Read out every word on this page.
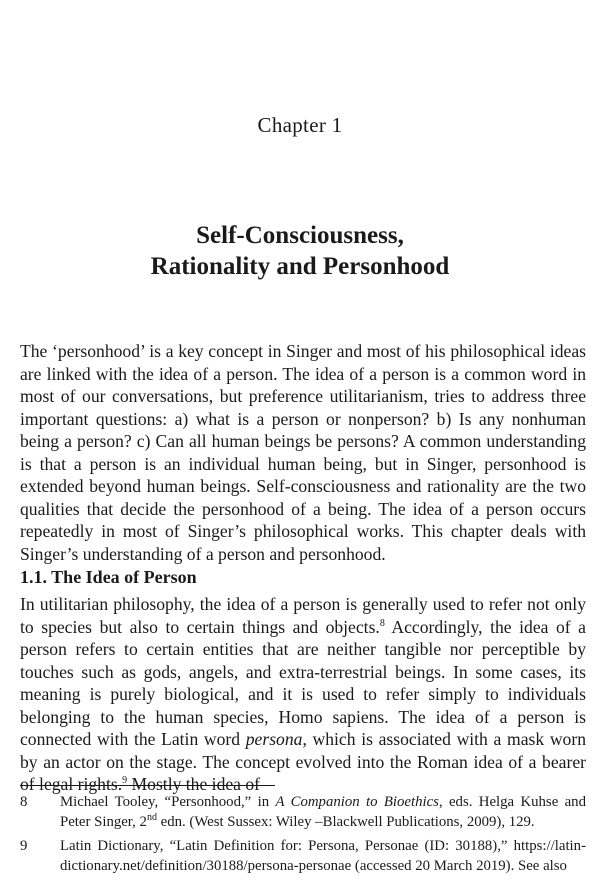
Chapter 1
Self-Consciousness,
Rationality and Personhood

The ‘personhood’ is a key concept in Singer and most of his philosophical ideas are linked with the idea of a person. The idea of a person is a common word in most of our conversations, but preference utilitarianism, tries to address three important questions: a) what is a person or nonperson? b) Is any nonhuman being a person? c) Can all human beings be persons? A common understanding is that a person is an individual human being, but in Singer, personhood is extended beyond human beings. Self-consciousness and rationality are the two qualities that decide the personhood of a being. The idea of a person occurs repeatedly in most of Singer’s philosophical works. This chapter deals with Singer’s understanding of a person and personhood.

1.1. The Idea of Person

In utilitarian philosophy, the idea of a person is generally used to refer not only to species but also to certain things and objects.$^8$ Accordingly, the idea of a person refers to certain entities that are neither tangible nor perceptible by touches such as gods, angels, and extra-terrestrial beings. In some cases, its meaning is purely biological, and it is used to refer simply to individuals belonging to the human species, Homo sapiens. The idea of a person is connected with the Latin word persona, which is associated with a mask worn by an actor on the stage. The concept evolved into the Roman idea of a bearer of legal rights.$^9$ Mostly the idea of

8 Michael Tooley, “Personhood,” in A Companion to Bioethics, eds. Helga Kuhse and Peter Singer, 2nd edn. (West Sussex: Wiley –Blackwell Publications, 2009), 129.
9 Latin Dictionary, “Latin Definition for: Persona, Personae (ID: 30188),” https://latin-dictionary.net/definition/30188/persona-personae (accessed 20 March 2019). See also
